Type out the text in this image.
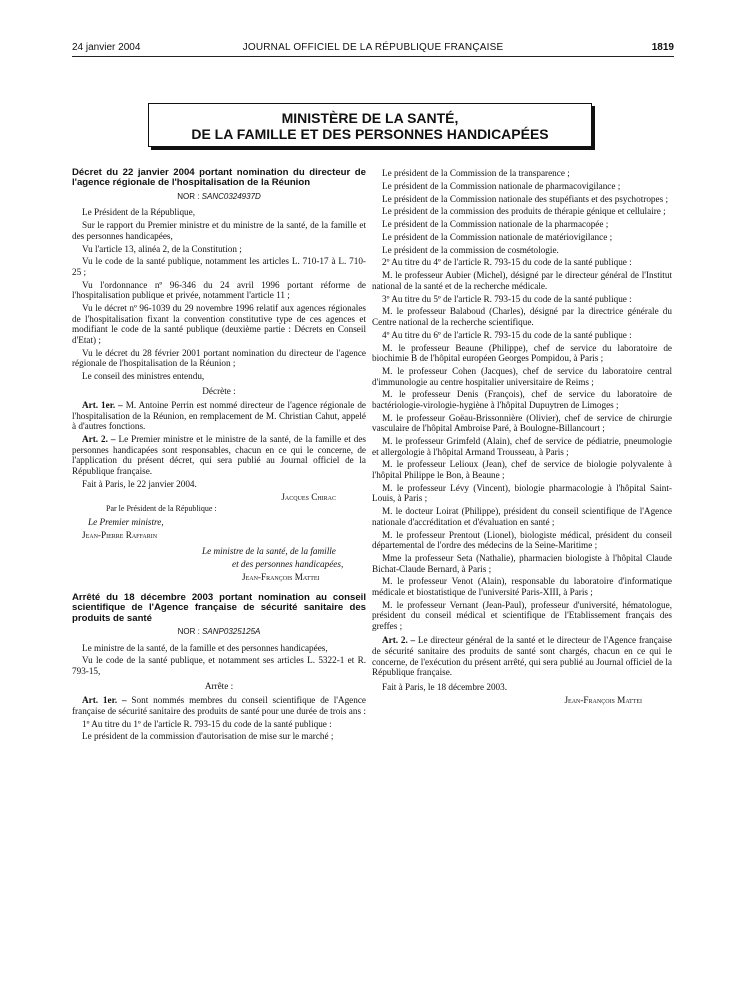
24 janvier 2004	JOURNAL OFFICIEL DE LA RÉPUBLIQUE FRANÇAISE	1819
MINISTÈRE DE LA SANTÉ,
DE LA FAMILLE ET DES PERSONNES HANDICAPÉES
Décret du 22 janvier 2004 portant nomination du directeur de l'agence régionale de l'hospitalisation de la Réunion
NOR : SANC0324937D

Le Président de la République,

Sur le rapport du Premier ministre et du ministre de la santé, de la famille et des personnes handicapées,

Vu l'article 13, alinéa 2, de la Constitution ;

Vu le code de la santé publique, notamment les articles L. 710-17 à L. 710-25 ;

Vu l'ordonnance nº 96-346 du 24 avril 1996 portant réforme de l'hospitalisation publique et privée, notamment l'article 11 ;

Vu le décret nº 96-1039 du 29 novembre 1996 relatif aux agences régionales de l'hospitalisation fixant la convention constitutive type de ces agences et modifiant le code de la santé publique (deuxième partie : Décrets en Conseil d'Etat) ;

Vu le décret du 28 février 2001 portant nomination du directeur de l'agence régionale de l'hospitalisation de la Réunion ;

Le conseil des ministres entendu,

Décrète :

Art. 1er. – M. Antoine Perrin est nommé directeur de l'agence régionale de l'hospitalisation de la Réunion, en remplacement de M. Christian Cahut, appelé à d'autres fonctions.

Art. 2. – Le Premier ministre et le ministre de la santé, de la famille et des personnes handicapées sont responsables, chacun en ce qui le concerne, de l'application du présent décret, qui sera publié au Journal officiel de la République française.

Fait à Paris, le 22 janvier 2004.

Jacques Chirac

Par le Président de la République :

Le Premier ministre,

Jean-Pierre Raffarin

Le ministre de la santé, de la famille

et des personnes handicapées,

Jean-François Mattei

Arrêté du 18 décembre 2003 portant nomination au conseil scientifique de l'Agence française de sécurité sanitaire des produits de santé
NOR : SANP0325125A

Le ministre de la santé, de la famille et des personnes handicapées,

Vu le code de la santé publique, et notamment ses articles L. 5322-1 et R. 793-15,

Arrête :

Art. 1er. – Sont nommés membres du conseil scientifique de l'Agence française de sécurité sanitaire des produits de santé pour une durée de trois ans :

1º Au titre du 1º de l'article R. 793-15 du code de la santé publique :

Le président de la commission d'autorisation de mise sur le marché ;

Le président de la Commission de la transparence ;

Le président de la Commission nationale de pharmacovigilance ;

Le président de la Commission nationale des stupéfiants et des psychotropes ;

Le président de la commission des produits de thérapie génique et cellulaire ;

Le président de la Commission nationale de la pharmacopée ;

Le président de la Commission nationale de matériovigilance ;

Le président de la commission de cosmétologie.

2º Au titre du 4º de l'article R. 793-15 du code de la santé publique :

M. le professeur Aubier (Michel), désigné par le directeur général de l'Institut national de la santé et de la recherche médicale.

3º Au titre du 5º de l'article R. 793-15 du code de la santé publique :

M. le professeur Balaboud (Charles), désigné par la directrice générale du Centre national de la recherche scientifique.

4º Au titre du 6º de l'article R. 793-15 du code de la santé publique :

M. le professeur Beaune (Philippe), chef de service du laboratoire de biochimie B de l'hôpital européen Georges Pompidou, à Paris ;

M. le professeur Cohen (Jacques), chef de service du laboratoire central d'immunologie au centre hospitalier universitaire de Reims ;

M. le professeur Denis (François), chef de service du laboratoire de bactériologie-virologie-hygiène à l'hôpital Dupuytren de Limoges ;

M. le professeur Goëau-Brissonnière (Olivier), chef de service de chirurgie vasculaire de l'hôpital Ambroise Paré, à Boulogne-Billancourt ;

M. le professeur Grimfeld (Alain), chef de service de pédiatrie, pneumologie et allergologie à l'hôpital Armand Trousseau, à Paris ;

M. le professeur Lelioux (Jean), chef de service de biologie polyvalente à l'hôpital Philippe le Bon, à Beaune ;

M. le professeur Lévy (Vincent), biologie pharmacologie à l'hôpital Saint-Louis, à Paris ;

M. le docteur Loirat (Philippe), président du conseil scientifique de l'Agence nationale d'accréditation et d'évaluation en santé ;

M. le professeur Prentout (Lionel), biologiste médical, président du conseil départemental de l'ordre des médecins de la Seine-Maritime ;

Mme la professeur Seta (Nathalie), pharmacien biologiste à l'hôpital Claude Bichat-Claude Bernard, à Paris ;

M. le professeur Venot (Alain), responsable du laboratoire d'informatique médicale et biostatistique de l'université Paris-XIII, à Paris ;

M. le professeur Vernant (Jean-Paul), professeur d'université, hématologue, président du conseil médical et scientifique de l'Etablissement français des greffes ;

Art. 2. – Le directeur général de la santé et le directeur de l'Agence française de sécurité sanitaire des produits de santé sont chargés, chacun en ce qui le concerne, de l'exécution du présent arrêté, qui sera publié au Journal officiel de la République française.

Fait à Paris, le 18 décembre 2003.

Jean-François Mattei
